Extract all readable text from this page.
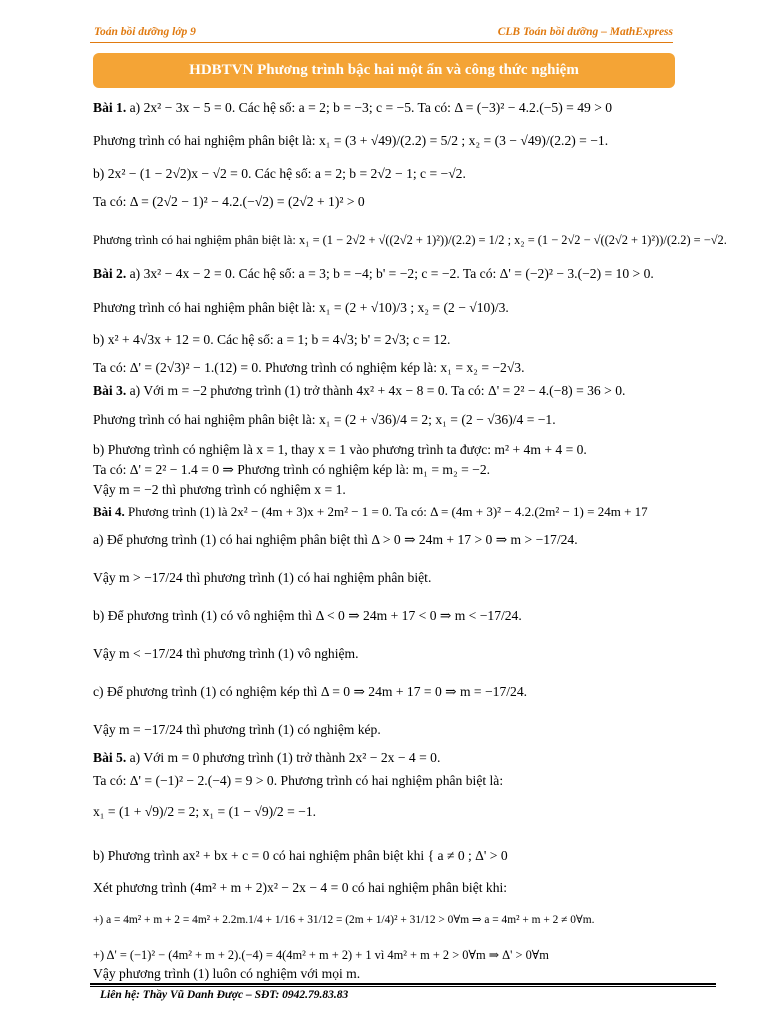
Toán bồi dưỡng lớp 9	CLB Toán bồi dưỡng – MathExpress
HDBTVN Phương trình bậc hai một ẩn và công thức nghiệm
Bài 1. a) 2x² − 3x − 5 = 0. Các hệ số: a = 2; b = −3; c = −5. Ta có: Δ = (−3)² − 4.2.(−5) = 49 > 0
Phương trình có hai nghiệm phân biệt là: x₁ = (3 + √49)/(2.2) = 5/2 ; x₂ = (3 − √49)/(2.2) = −1.
b) 2x² − (1 − 2√2)x − √2 = 0. Các hệ số: a = 2; b = 2√2 − 1; c = −√2.
Ta có: Δ = (2√2 − 1)² − 4.2.(−√2) = (2√2 + 1)² > 0
Phương trình có hai nghiệm phân biệt là: x₁ = (1 − 2√2 + √((2√2 + 1)²))/(2.2) = 1/2 ; x₂ = (1 − 2√2 − √((2√2 + 1)²))/(2.2) = −√2.
Bài 2. a) 3x² − 4x − 2 = 0. Các hệ số: a = 3; b = −4; b' = −2; c = −2. Ta có: Δ' = (−2)² − 3.(−2) = 10 > 0.
Phương trình có hai nghiệm phân biệt là: x₁ = (2 + √10)/3 ; x₂ = (2 − √10)/3.
b) x² + 4√3x + 12 = 0. Các hệ số: a = 1; b = 4√3; b' = 2√3; c = 12.
Ta có: Δ' = (2√3)² − 1.(12) = 0. Phương trình có nghiệm kép là: x₁ = x₂ = −2√3.
Bài 3. a) Với m = −2 phương trình (1) trở thành 4x² + 4x − 8 = 0. Ta có: Δ' = 2² − 4.(−8) = 36 > 0.
Phương trình có hai nghiệm phân biệt là: x₁ = (2 + √36)/4 = 2; x₁ = (2 − √36)/4 = −1.
b) Phương trình có nghiệm là x = 1, thay x = 1 vào phương trình ta được: m² + 4m + 4 = 0.
Ta có: Δ' = 2² − 1.4 = 0 ⇒ Phương trình có nghiệm kép là: m₁ = m₂ = −2.
Vậy m = −2 thì phương trình có nghiệm x = 1.
Bài 4. Phương trình (1) là 2x² − (4m + 3)x + 2m² − 1 = 0. Ta có: Δ = (4m + 3)² − 4.2.(2m² − 1) = 24m + 17
a) Để phương trình (1) có hai nghiệm phân biệt thì Δ > 0 ⇒ 24m + 17 > 0 ⇒ m > −17/24.
Vậy m > −17/24 thì phương trình (1) có hai nghiệm phân biệt.
b) Để phương trình (1) có vô nghiệm thì Δ < 0 ⇒ 24m + 17 < 0 ⇒ m < −17/24.
Vậy m < −17/24 thì phương trình (1) vô nghiệm.
c) Để phương trình (1) có nghiệm kép thì Δ = 0 ⇒ 24m + 17 = 0 ⇒ m = −17/24.
Vậy m = −17/24 thì phương trình (1) có nghiệm kép.
Bài 5. a) Với m = 0 phương trình (1) trở thành 2x² − 2x − 4 = 0.
Ta có: Δ' = (−1)² − 2.(−4) = 9 > 0. Phương trình có hai nghiệm phân biệt là:
x₁ = (1 + √9)/2 = 2; x₁ = (1 − √9)/2 = −1.
b) Phương trình ax² + bx + c = 0 có hai nghiệm phân biệt khi { a ≠ 0 ; Δ' > 0
Xét phương trình (4m² + m + 2)x² − 2x − 4 = 0 có hai nghiệm phân biệt khi:
+) a = 4m² + m + 2 = 4m² + 2.2m.1/4 + 1/16 + 31/12 = (2m + 1/4)² + 31/12 > 0∀m ⇒ a = 4m² + m + 2 ≠ 0∀m.
+) Δ' = (−1)² − (4m² + m + 2).(−4) = 4(4m² + m + 2) + 1 vì 4m² + m + 2 > 0∀m ⇒ Δ' > 0∀m
Vậy phương trình (1) luôn có nghiệm với mọi m.
Liên hệ: Thầy Vũ Danh Được – SĐT: 0942.79.83.83
